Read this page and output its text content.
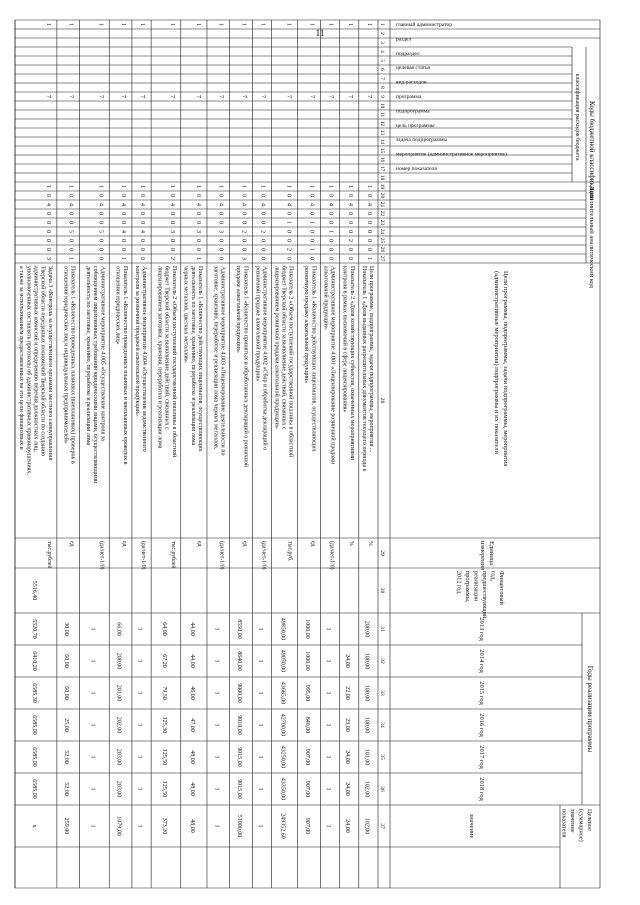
11
Коды бюджетной классификации
классификация расходов бюджета
главный администратор
раздел
подраздел
целевая статья
вид расходов
программа
подпрограмма
цель программы
задача подпрограммы
мероприятие (административное мероприятие)
номер показателя
Дополнительный аналитический код
Цели программы, подпрограммы, задачи подпрограммы, мероприятия(административные мероприятия) подпрограммы и их показатели
Единицаизмерения
Финансовыйгод,предшествующийреализациипрограммы,2012 год
Годы реализации программы
2013 год
2014 год
2015 год
2016 год
2017 год
2018 год
Целевое(суммарное)значениепоказателя
значение
1
2
3
4
5
6
7
8
9
10
11
12
13
14
15
16
17
18
19
20
21
22
23
24
25
26
27
28
29
30
31
32
33
34
35
36
37
1
7
1
0
4
0
0
0
0
0
1
Цели программы, подпрограммы, задачи подпрограммы, мероприятия ...Показатель 1 «Доля выданных разрешительных документов текущего периода к
%
200,00
100,00
100,00
100,00
101,00
102,00
102,00
1
7
1
0
4
0
0
0
2
0
0
Показатель 2 «Доля хозяйствующих субъектов, охваченных мероприятиямиконтроля в рамках полномочий в сфере лицензирования»
%
24,00
22,00
23,00
24,00
24,00
24,00
1
7
1
0
4
0
0
1
0
0
0
Административное мероприятие 4.001 «Лицензирование розничной продажиалкогольной продукции»
(да/нет-1/0)
1
1
1
1
1
1
1
1
7
1
0
4
0
1
0
0
1
0
Показатель 1 «Количество действующих лицензиатов, осуществляющихрозничную продажу алкогольной продукции»
ед
1000,00
1000,00
995,00
840,00
907,00
907,00
907,00
1
7
1
0
4
0
1
0
0
2
0
Показатель 2 «Объем поступлений государственной пошлины в областнойбюджет Тверской области за выполнение действий, связанных слицензированием розничной продажи алкогольной продукции»
тыс.руб.
49850,00
49050,00
43665,00
42700,00
43250,00
43350,00
249352,60
1
7
1
0
4
0
0
2
0
0
0
Административное мероприятие 4.002 «Сбор и обработка деклараций орозничной продаже алкогольной продукции»
(да/нет-1/0)
1
1
1
1
1
1
1
1
7
1
0
4
0
0
2
0
0
3
Показатель 1 «Количество принятых и обработанных деклараций о розничнойпродаже алкогольной продукции»
ед
8550,00
8640,00
9000,00
9010,00
9015,00
9015,00
51000,00
1
7
1
0
4
0
0
3
0
0
0
Административное мероприятие 4.003 «Лицензирование деятельности позаготовке, хранению, переработке и реализации лома черных металлов,
(да/нет-1/0)
1
1
1
1
1
1
1
1
7
1
0
4
0
0
3
0
0
1
Показатель 1 «Количество действующих лицензиатов, осуществляющихдеятельность по заготовке, хранению, переработке и реализации ломачерных металлов, цветных металлов»
ед
44,00
44,00
46,00
47,00
48,00
48,00
48,00
1
7
1
0
4
0
0
3
0
0
2
Показатель 2 «Объем поступлений государственной пошлины в областнойбюджет Тверской области за выполнение действий, связанных слицензированием заготовки, хранения, переработки и реализации лома
тыс.рублей
64,00
67,20
79,50
125,30
125,50
125,50
373,20
1
7
1
0
4
0
0
4
0
0
0
Административное мероприятие 4.004 «Осуществление ведомственногоконтроля за розничной продажей алкогольной продукции»
(да/нет-1/0)
1
1
1
1
1
1
1
1
7
1
0
4
0
0
4
0
0
1
Показатель 1 «Количество проведенных плановых и внеплановых проверок вотношении юридических лиц»
ед
66,00
200,00
201,00
202,00
203,00
203,00
1079,00
1
7
1
0
4
0
0
5
0
0
0
Административное мероприятие 4.005 «Осуществление контроля засоблюдением лицензионных требований юридическими лицами, осуществляющимидеятельность по заготовке, хранению, переработке и реализации лома
(да/нет-1/0)
1
1
1
1
1
1
1
1
7
1
0
4
0
0
5
0
0
1
Показатель 1 «Количество проведенных плановых (внеплановых) проверок вотношении юридических лиц и индивидуальных предпринимателей»
ед
30,00
60,00
60,00
25,00
52,00
52,00
259,00
1
7
1
0
4
0
0
0
0
0
3
Задача 3 «Контроль за осуществлением органами местного самоуправленияТверской области переданных полномочий Тверской области по созданиюадминистративных комиссий и определению перечня должностных лиц,уполномоченных составлять протоколы об административных правонарушениях,а также за использованием предоставленных на эти цели финансовых и
тыс.рублей
5516,40
5520,70
6410,20
6585,30
6585,00
6585,00
6585,00
х
